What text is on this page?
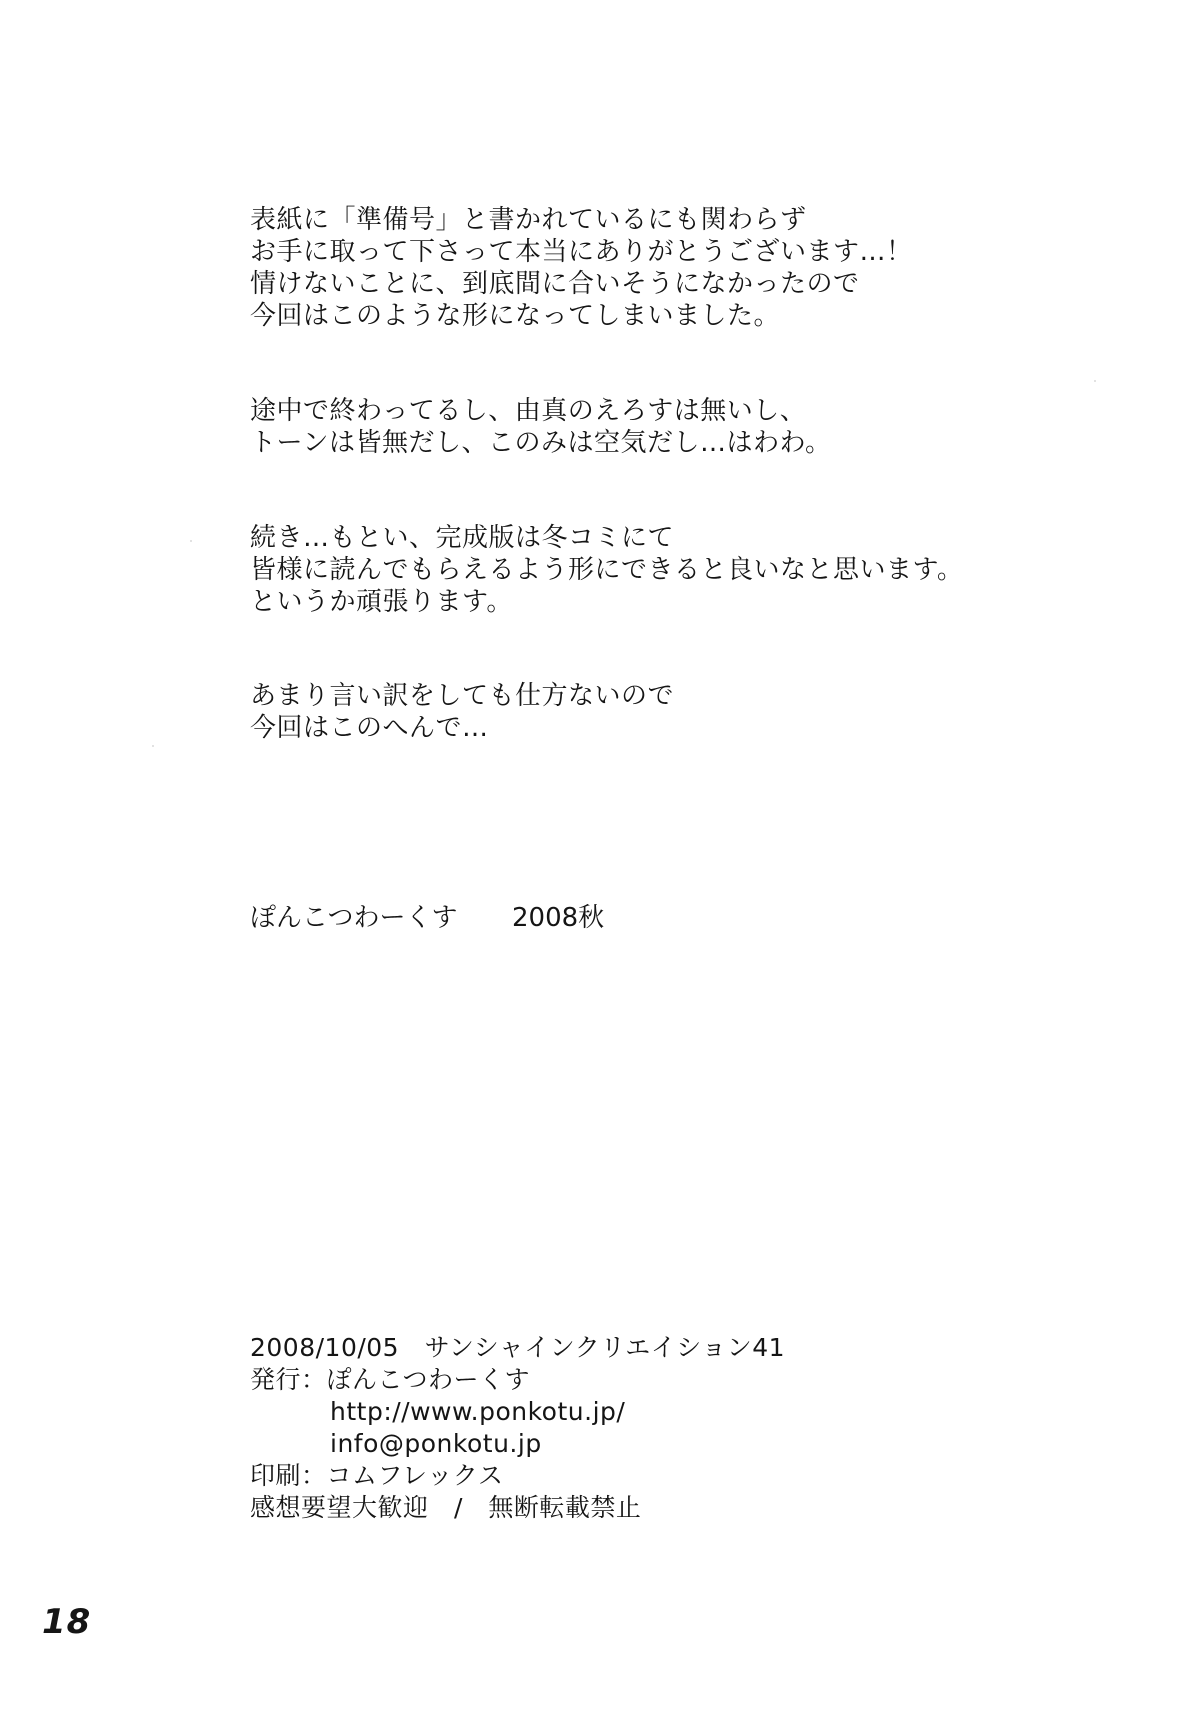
表紙に「準備号」と書かれているにも関わらず
お手に取って下さって本当にありがとうございます…！
情けないことに、到底間に合いそうになかったので
今回はこのような形になってしまいました。
途中で終わってるし、由真のえろすは無いし、
トーンは皆無だし、このみは空気だし…はわわ。
続き…もとい、完成版は冬コミにて
皆様に読んでもらえるよう形にできると良いなと思います。
というか頑張ります。
あまり言い訳をしても仕方ないので
今回はこのへんで…
ぽんこつわーくす 2008秋
2008/10/05　サンシャインクリエイション41
発行：ぽんこつわーくす
http://www.ponkotu.jp/
info@ponkotu.jp
印刷：コムフレックス
感想要望大歓迎　/　無断転載禁止
18
